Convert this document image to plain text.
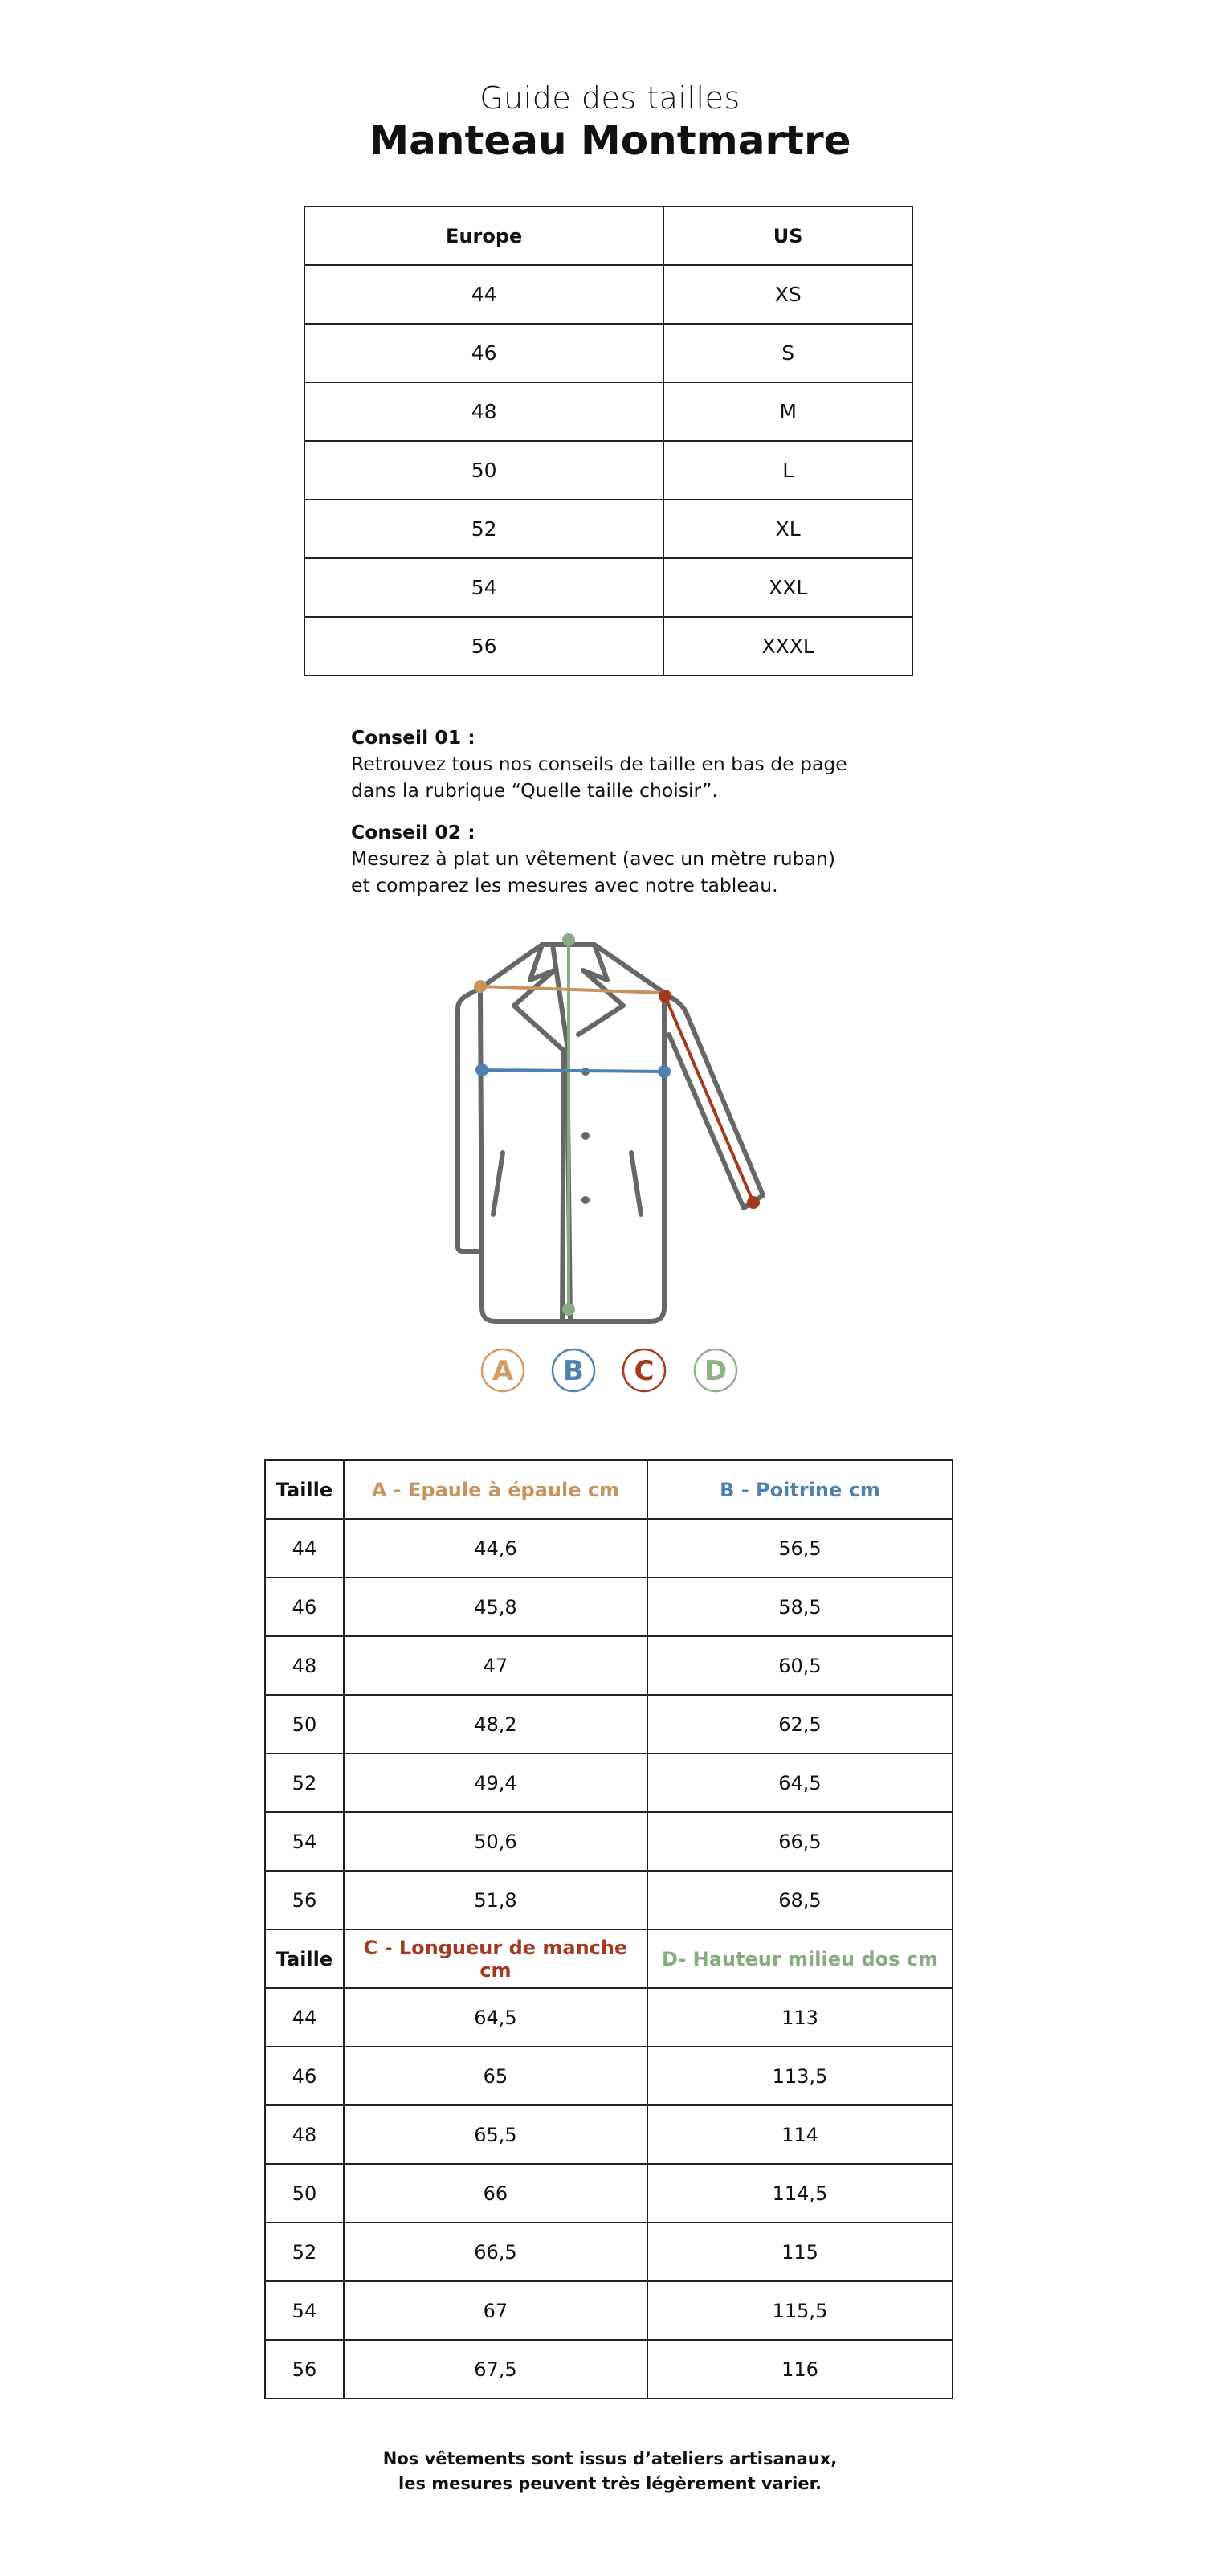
Guide des tailles
Manteau Montmartre
Europe	US
44	XS
46	S
48	M
50	L
52	XL
54	XXL
56	XXXL
Conseil 01 :
Retrouvez tous nos conseils de taille en bas de page
dans la rubrique “Quelle taille choisir”.
Conseil 02 :
Mesurez à plat un vêtement (avec un mètre ruban)
et comparez les mesures avec notre tableau.
A B C D
Taille	A - Epaule à épaule cm	B - Poitrine cm
44	44,6	56,5
46	45,8	58,5
48	47	60,5
50	48,2	62,5
52	49,4	64,5
54	50,6	66,5
56	51,8	68,5
Taille	C - Longueur de manche cm	D- Hauteur milieu dos cm
44	64,5	113
46	65	113,5
48	65,5	114
50	66	114,5
52	66,5	115
54	67	115,5
56	67,5	116
Nos vêtements sont issus d’ateliers artisanaux,
les mesures peuvent très légèrement varier.
